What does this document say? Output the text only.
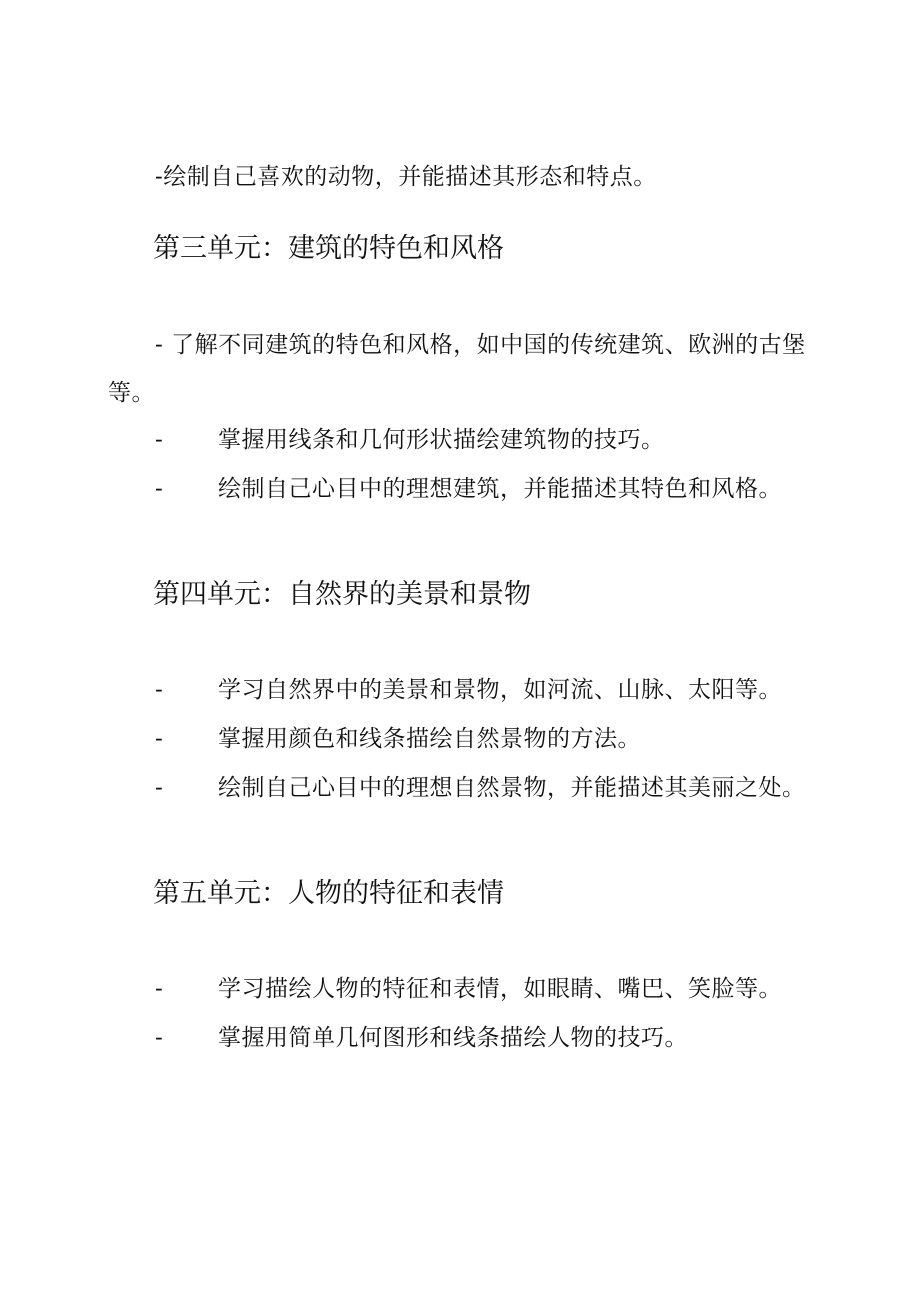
-绘制自己喜欢的动物，并能描述其形态和特点。
第三单元：建筑的特色和风格
- 了解不同建筑的特色和风格，如中国的传统建筑、欧洲的古堡
等。
- 掌握用线条和几何形状描绘建筑物的技巧。
- 绘制自己心目中的理想建筑，并能描述其特色和风格。
第四单元：自然界的美景和景物
- 学习自然界中的美景和景物，如河流、山脉、太阳等。
- 掌握用颜色和线条描绘自然景物的方法。
- 绘制自己心目中的理想自然景物，并能描述其美丽之处。
第五单元：人物的特征和表情
- 学习描绘人物的特征和表情，如眼睛、嘴巴、笑脸等。
- 掌握用简单几何图形和线条描绘人物的技巧。
